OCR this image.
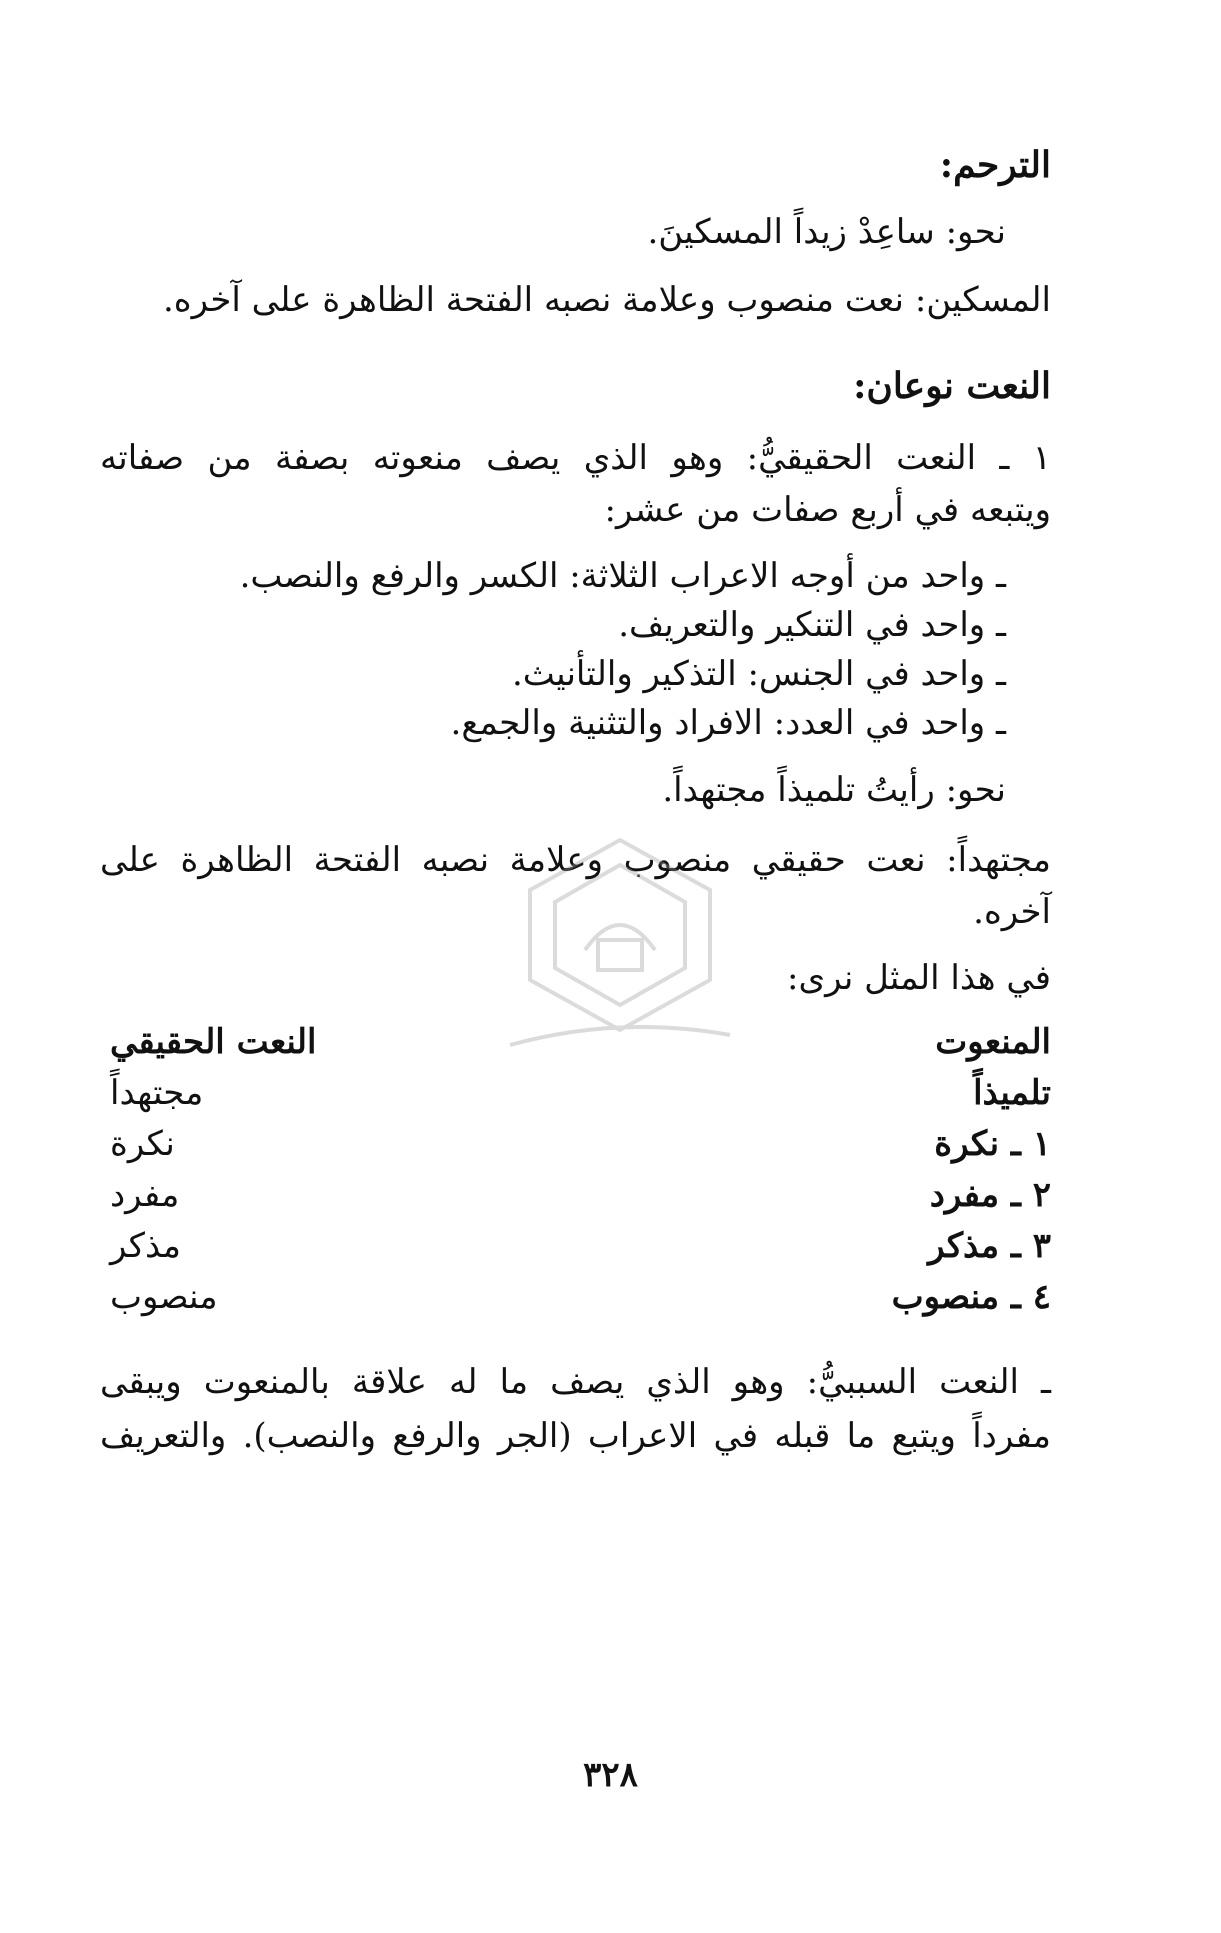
الترحم:
نحو: ساعِدْ زيداً المسكينَ.
المسكين: نعت منصوب وعلامة نصبه الفتحة الظاهرة على آخره.
النعت نوعان:
١ ـ النعت الحقيقيُّ: وهو الذي يصف منعوته بصفة من صفاته
ويتبعه في أربع صفات من عشر:
ـ واحد من أوجه الاعراب الثلاثة: الكسر والرفع والنصب.
ـ واحد في التنكير والتعريف.
ـ واحد في الجنس: التذكير والتأنيث.
ـ واحد في العدد: الافراد والتثنية والجمع.
نحو: رأيتُ تلميذاً مجتهداً.
مجتهداً: نعت حقيقي منصوب وعلامة نصبه الفتحة الظاهرة على
آخره.
في هذا المثل نرى:
المنعوت
النعت الحقيقي
تلميذاً
مجتهداً
١ ـ نكرة
نكرة
٢ ـ مفرد
مفرد
٣ ـ مذكر
مذكر
٤ ـ منصوب
منصوب
ـ النعت السببيُّ: وهو الذي يصف ما له علاقة بالمنعوت ويبقى
مفرداً ويتبع ما قبله في الاعراب (الجر والرفع والنصب). والتعريف
٣٢٨
